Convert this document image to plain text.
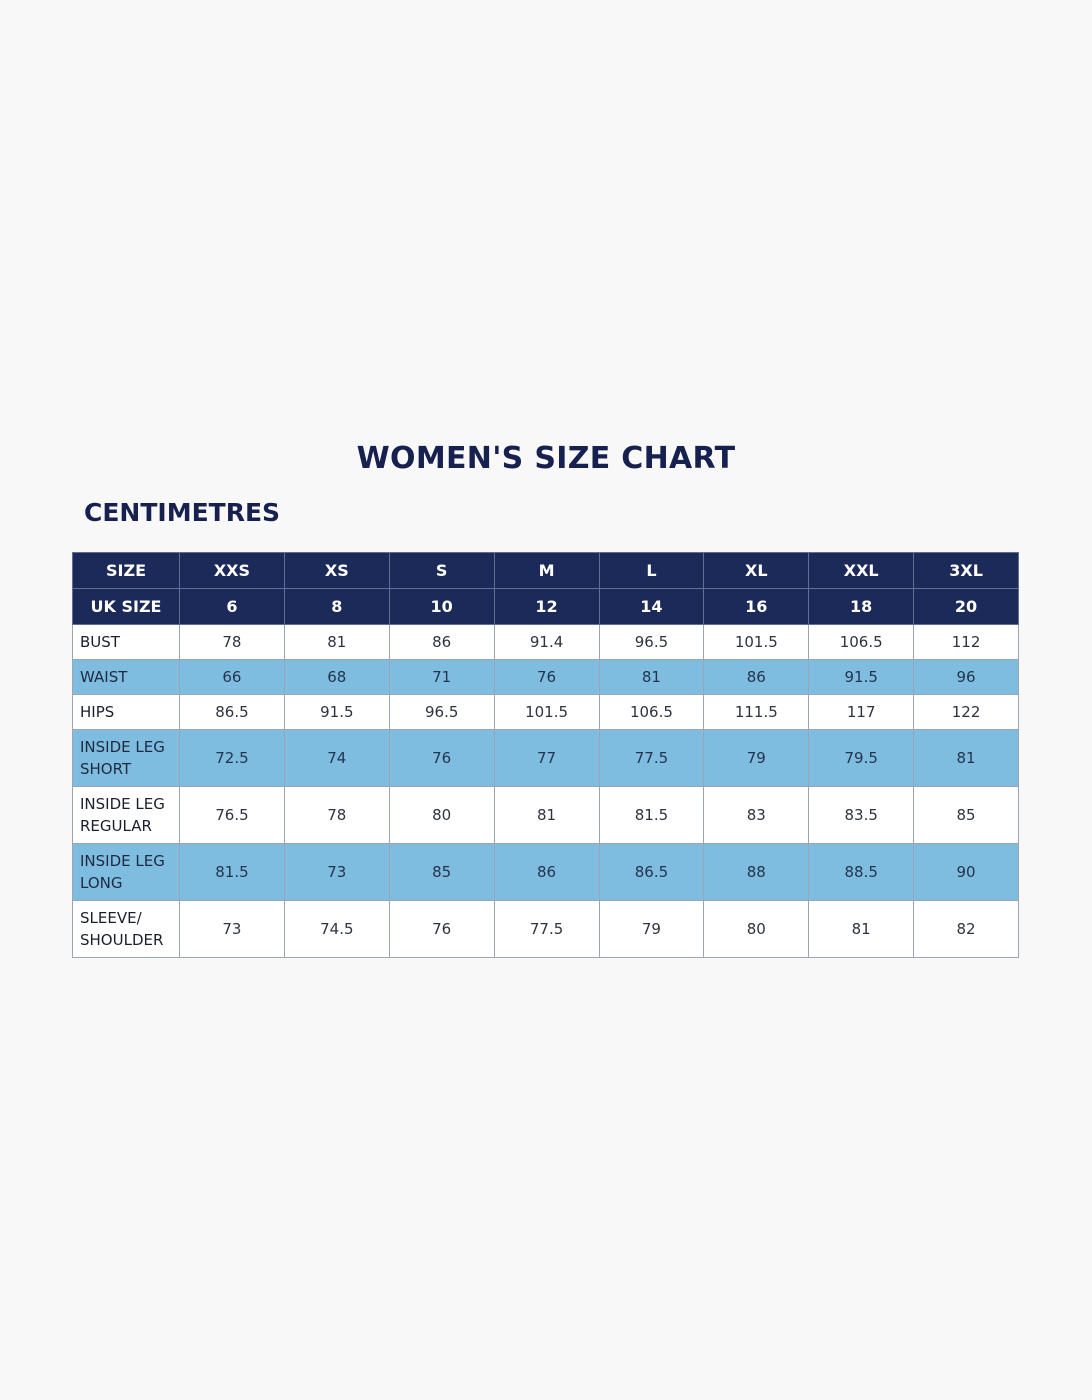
WOMEN'S SIZE CHART
CENTIMETRES
SIZE	XXS	XS	S	M	L	XL	XXL	3XL
UK SIZE	6	8	10	12	14	16	18	20
BUST	78	81	86	91.4	96.5	101.5	106.5	112
WAIST	66	68	71	76	81	86	91.5	96
HIPS	86.5	91.5	96.5	101.5	106.5	111.5	117	122
INSIDE LEG
SHORT	72.5	74	76	77	77.5	79	79.5	81
INSIDE LEG
REGULAR	76.5	78	80	81	81.5	83	83.5	85
INSIDE LEG
LONG	81.5	73	85	86	86.5	88	88.5	90
SLEEVE/
SHOULDER	73	74.5	76	77.5	79	80	81	82
